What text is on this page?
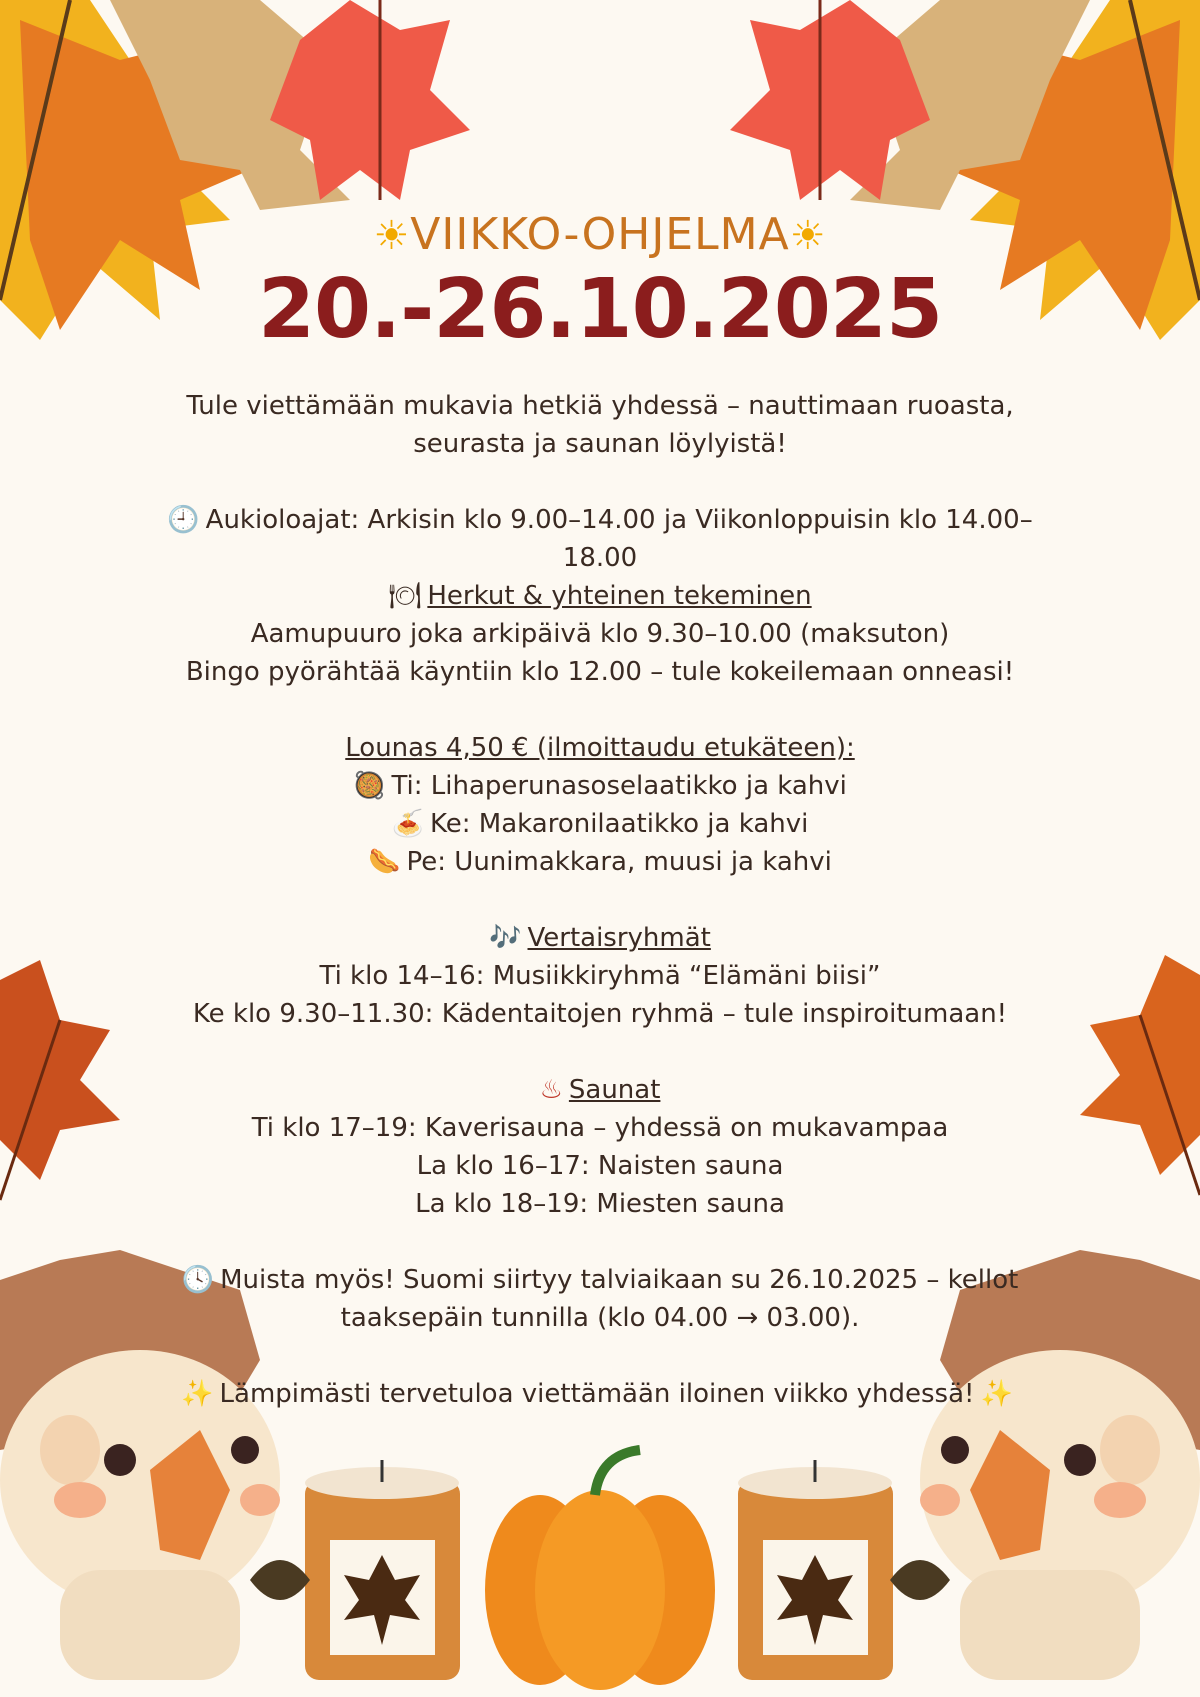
☀VIIKKO-OHJELMA☀
20.-26.10.2025

Tule viettämään mukavia hetkiä yhdessä – nauttimaan ruoasta,

seurasta ja saunan löylyistä!

🕘 Aukioloajat: Arkisin klo 9.00–14.00 ja Viikonloppuisin klo 14.00–

18.00

🍽 Herkut & yhteinen tekeminen

Aamupuuro joka arkipäivä klo 9.30–10.00 (maksuton)

Bingo pyörähtää käyntiin klo 12.00 – tule kokeilemaan onneasi!

Lounas 4,50 € (ilmoittaudu etukäteen):

🥘 Ti: Lihaperunasoselaatikko ja kahvi

🍝 Ke: Makaronilaatikko ja kahvi

🌭 Pe: Uunimakkara, muusi ja kahvi

🎶 Vertaisryhmät

Ti klo 14–16: Musiikkiryhmä “Elämäni biisi”

Ke klo 9.30–11.30: Kädentaitojen ryhmä – tule inspiroitumaan!

♨ Saunat

Ti klo 17–19: Kaverisauna – yhdessä on mukavampaa

La klo 16–17: Naisten sauna

La klo 18–19: Miesten sauna

🕓 Muista myös! Suomi siirtyy talviaikaan su 26.10.2025 – kellot

taaksepäin tunnilla (klo 04.00 → 03.00).

✨ Lämpimästi tervetuloa viettämään iloinen viikko yhdessä! ✨
